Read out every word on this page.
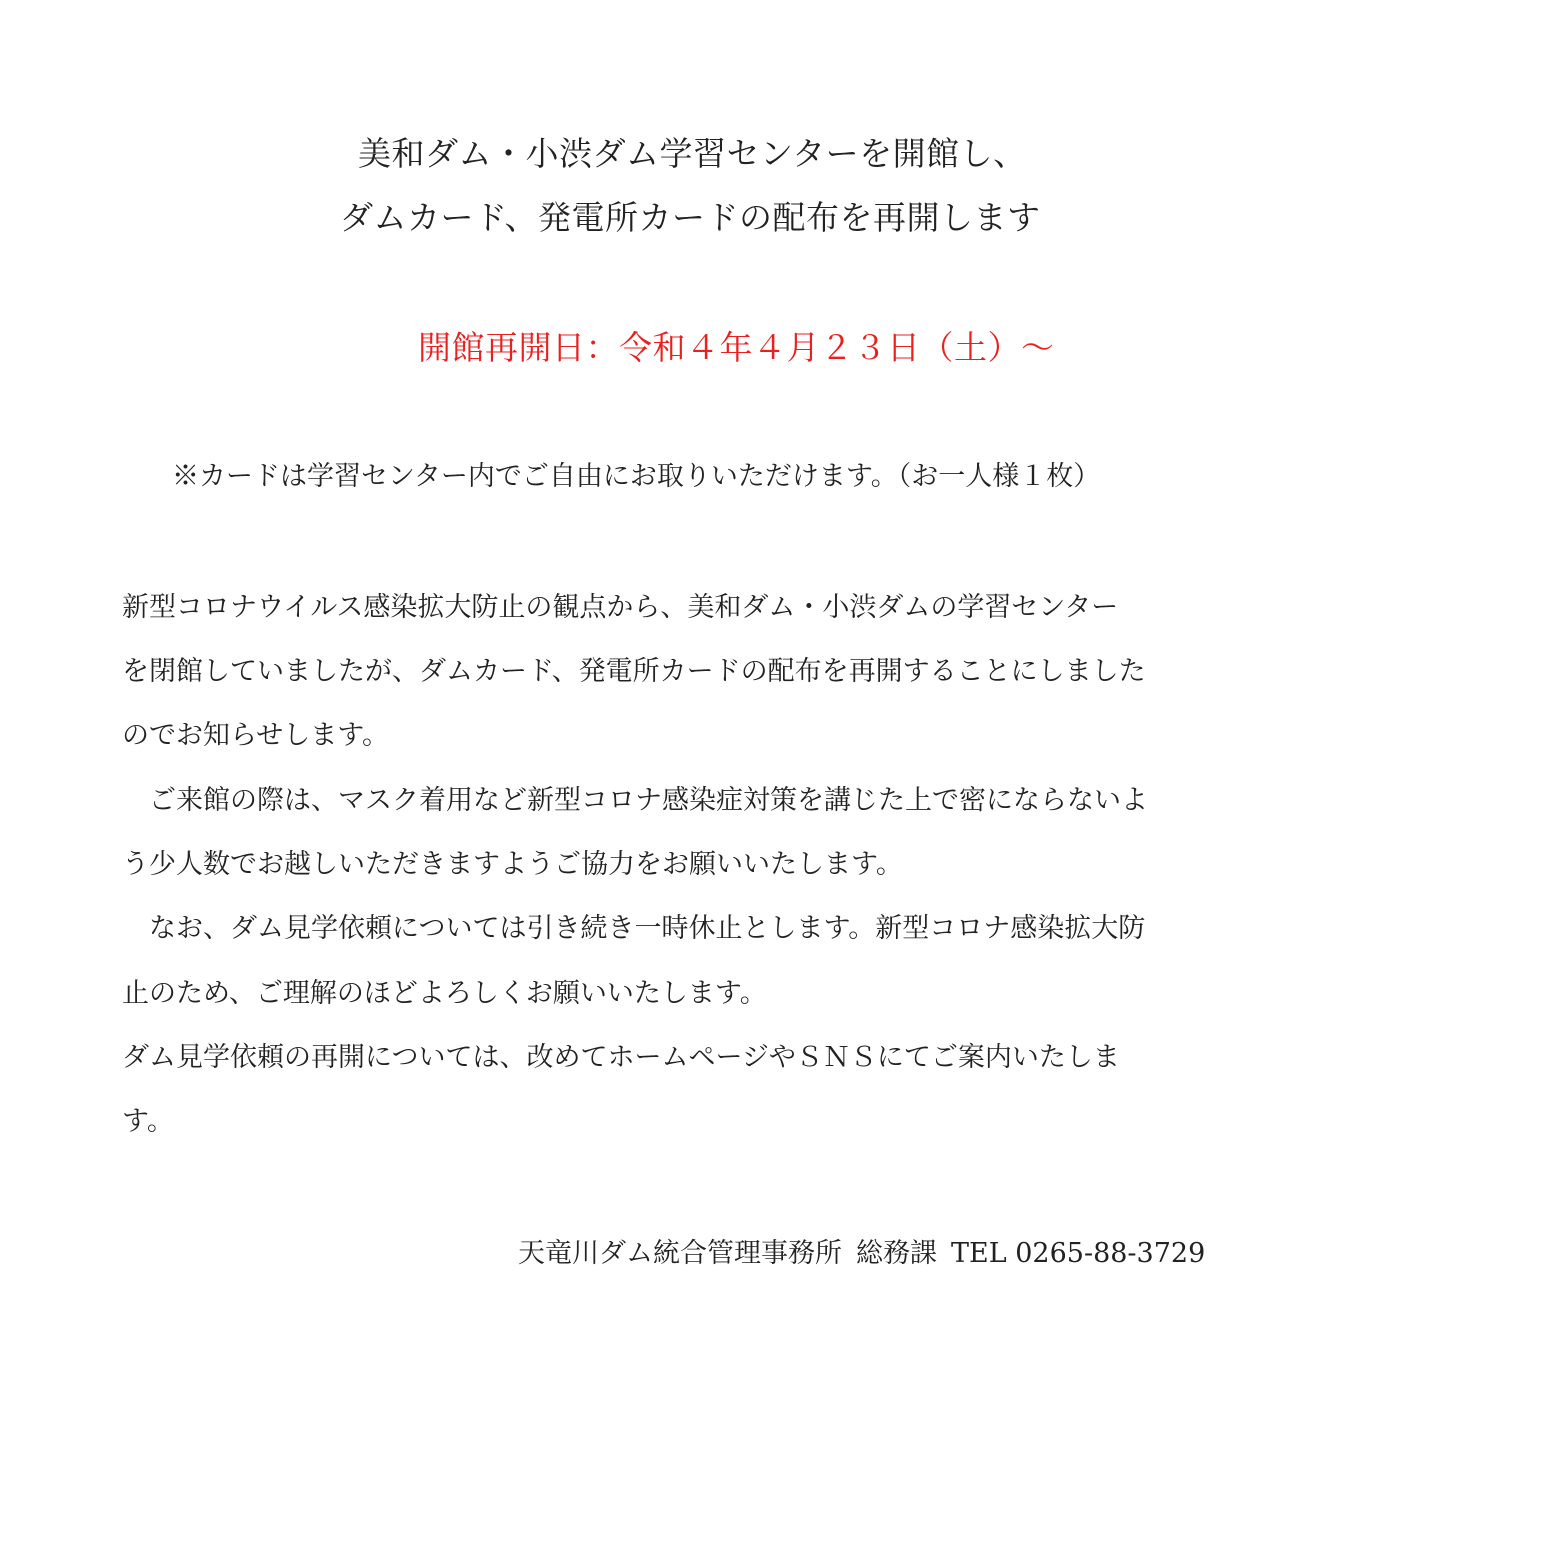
美和ダム・小渋ダム学習センターを開館し、
ダムカード、発電所カードの配布を再開します
開館再開日：令和４年４月２３日（土）～
※カードは学習センター内でご自由にお取りいただけます。（お一人様１枚）
新型コロナウイルス感染拡大防止の観点から、美和ダム・小渋ダムの学習センター
を閉館していましたが、ダムカード、発電所カードの配布を再開することにしました
のでお知らせします。
　ご来館の際は、マスク着用など新型コロナ感染症対策を講じた上で密にならないよ
う少人数でお越しいただきますようご協力をお願いいたします。
　なお、ダム見学依頼については引き続き一時休止とします。新型コロナ感染拡大防
止のため、ご理解のほどよろしくお願いいたします。
ダム見学依頼の再開については、改めてホームページやＳＮＳにてご案内いたしま
す。
天竜川ダム統合管理事務所 総務課 TEL 0265-88-3729
